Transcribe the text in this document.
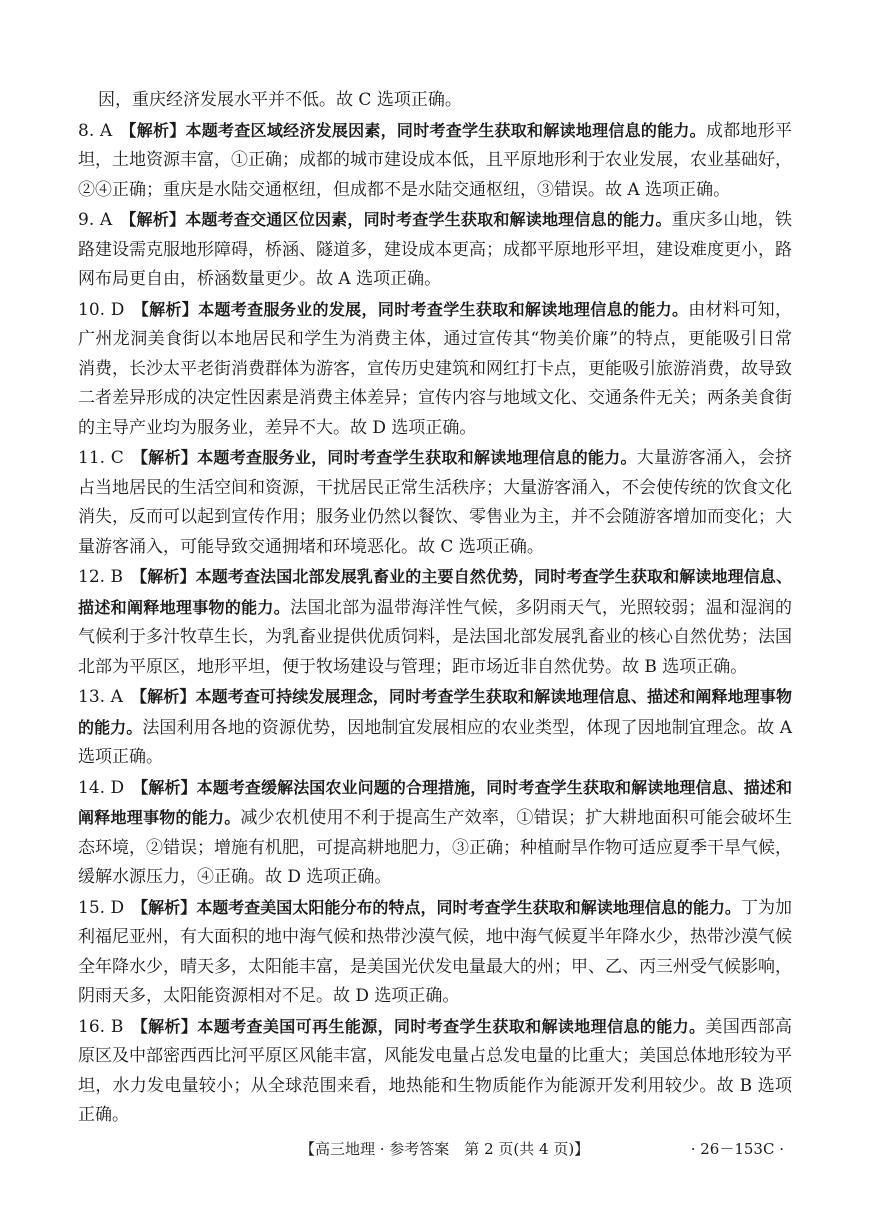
因，重庆经济发展水平并不低。故 C 选项正确。

8. A 【解析】本题考查区域经济发展因素，同时考查学生获取和解读地理信息的能力。成都地形平坦，土地资源丰富，①正确；成都的城市建设成本低，且平原地形利于农业发展，农业基础好，②④正确；重庆是水陆交通枢纽，但成都不是水陆交通枢纽，③错误。故 A 选项正确。

9. A 【解析】本题考查交通区位因素，同时考查学生获取和解读地理信息的能力。重庆多山地，铁路建设需克服地形障碍，桥涵、隧道多，建设成本更高；成都平原地形平坦，建设难度更小，路网布局更自由，桥涵数量更少。故 A 选项正确。

10. D 【解析】本题考查服务业的发展，同时考查学生获取和解读地理信息的能力。由材料可知，广州龙洞美食街以本地居民和学生为消费主体，通过宣传其“物美价廉”的特点，更能吸引日常消费，长沙太平老街消费群体为游客，宣传历史建筑和网红打卡点，更能吸引旅游消费，故导致二者差异形成的决定性因素是消费主体差异；宣传内容与地域文化、交通条件无关；两条美食街的主导产业均为服务业，差异不大。故 D 选项正确。

11. C 【解析】本题考查服务业，同时考查学生获取和解读地理信息的能力。大量游客涌入，会挤占当地居民的生活空间和资源，干扰居民正常生活秩序；大量游客涌入，不会使传统的饮食文化消失，反而可以起到宣传作用；服务业仍然以餐饮、零售业为主，并不会随游客增加而变化；大量游客涌入，可能导致交通拥堵和环境恶化。故 C 选项正确。

12. B 【解析】本题考查法国北部发展乳畜业的主要自然优势，同时考查学生获取和解读地理信息、描述和阐释地理事物的能力。法国北部为温带海洋性气候，多阴雨天气，光照较弱；温和湿润的气候利于多汁牧草生长，为乳畜业提供优质饲料，是法国北部发展乳畜业的核心自然优势；法国北部为平原区，地形平坦，便于牧场建设与管理；距市场近非自然优势。故 B 选项正确。

13. A 【解析】本题考查可持续发展理念，同时考查学生获取和解读地理信息、描述和阐释地理事物的能力。法国利用各地的资源优势，因地制宜发展相应的农业类型，体现了因地制宜理念。故 A 选项正确。

14. D 【解析】本题考查缓解法国农业问题的合理措施，同时考查学生获取和解读地理信息、描述和阐释地理事物的能力。减少农机使用不利于提高生产效率，①错误；扩大耕地面积可能会破坏生态环境，②错误；增施有机肥，可提高耕地肥力，③正确；种植耐旱作物可适应夏季干旱气候，缓解水源压力，④正确。故 D 选项正确。

15. D 【解析】本题考查美国太阳能分布的特点，同时考查学生获取和解读地理信息的能力。丁为加利福尼亚州，有大面积的地中海气候和热带沙漠气候，地中海气候夏半年降水少，热带沙漠气候全年降水少，晴天多，太阳能丰富，是美国光伏发电量最大的州；甲、乙、丙三州受气候影响，阴雨天多，太阳能资源相对不足。故 D 选项正确。

16. B 【解析】本题考查美国可再生能源，同时考查学生获取和解读地理信息的能力。美国西部高原区及中部密西西比河平原区风能丰富，风能发电量占总发电量的比重大；美国总体地形较为平坦，水力发电量较小；从全球范围来看，地热能和生物质能作为能源开发利用较少。故 B 选项正确。

【高三地理 · 参考答案　第 2 页(共 4 页)】	· 26－153C ·
